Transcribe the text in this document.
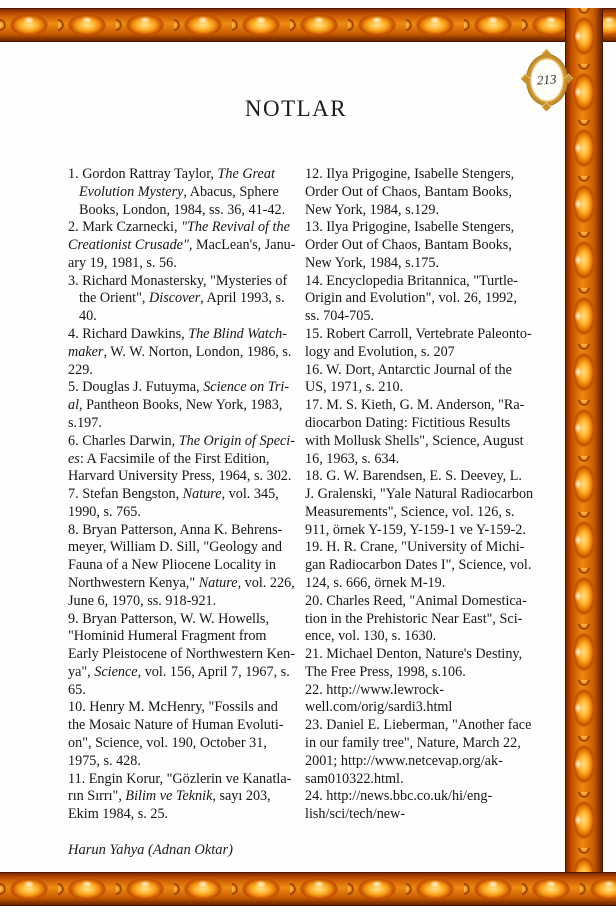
213
NOTLAR
1. Gordon Rattray Taylor, The Great
Evolution Mystery, Abacus, Sphere
Books, London, 1984, ss. 36, 41-42.
2. Mark Czarnecki, "The Revival of the
Creationist Crusade", MacLean's, Janu-
ary 19, 1981, s. 56.
3. Richard Monastersky, "Mysteries of
the Orient", Discover, April 1993, s.
40.
4. Richard Dawkins, The Blind Watch-
maker, W. W. Norton, London, 1986, s.
229.
5. Douglas J. Futuyma, Science on Tri-
al, Pantheon Books, New York, 1983,
s.197.
6. Charles Darwin, The Origin of Speci-
es: A Facsimile of the First Edition,
Harvard University Press, 1964, s. 302.
7. Stefan Bengston, Nature, vol. 345,
1990, s. 765.
8. Bryan Patterson, Anna K. Behrens-
meyer, William D. Sill, "Geology and
Fauna of a New Pliocene Locality in
Northwestern Kenya," Nature, vol. 226,
June 6, 1970, ss. 918-921.
9. Bryan Patterson, W. W. Howells,
"Hominid Humeral Fragment from
Early Pleistocene of Northwestern Ken-
ya", Science, vol. 156, April 7, 1967, s.
65.
10. Henry M. McHenry, "Fossils and
the Mosaic Nature of Human Evoluti-
on", Science, vol. 190, October 31,
1975, s. 428.
11. Engin Korur, "Gözlerin ve Kanatla-
rın Sırrı", Bilim ve Teknik, sayı 203,
Ekim 1984, s. 25.
12. Ilya Prigogine, Isabelle Stengers,
Order Out of Chaos, Bantam Books,
New York, 1984, s.129.
13. Ilya Prigogine, Isabelle Stengers,
Order Out of Chaos, Bantam Books,
New York, 1984, s.175.
14. Encyclopedia Britannica, "Turtle-
Origin and Evolution", vol. 26, 1992,
ss. 704-705.
15. Robert Carroll, Vertebrate Paleonto-
logy and Evolution, s. 207
16. W. Dort, Antarctic Journal of the
US, 1971, s. 210.
17. M. S. Kieth, G. M. Anderson, "Ra-
diocarbon Dating: Fictitious Results
with Mollusk Shells", Science, August
16, 1963, s. 634.
18. G. W. Barendsen, E. S. Deevey, L.
J. Gralenski, "Yale Natural Radiocarbon
Measurements", Science, vol. 126, s.
911, örnek Y-159, Y-159-1 ve Y-159-2.
19. H. R. Crane, "University of Michi-
gan Radiocarbon Dates I", Science, vol.
124, s. 666, örnek M-19.
20. Charles Reed, "Animal Domestica-
tion in the Prehistoric Near East", Sci-
ence, vol. 130, s. 1630.
21. Michael Denton, Nature's Destiny,
The Free Press, 1998, s.106.
22. http://www.lewrock-
well.com/orig/sardi3.html
23. Daniel E. Lieberman, "Another face
in our family tree", Nature, March 22,
2001; http://www.netcevap.org/ak-
sam010322.html.
24. http://news.bbc.co.uk/hi/eng-
lish/sci/tech/new-
Harun Yahya (Adnan Oktar)
